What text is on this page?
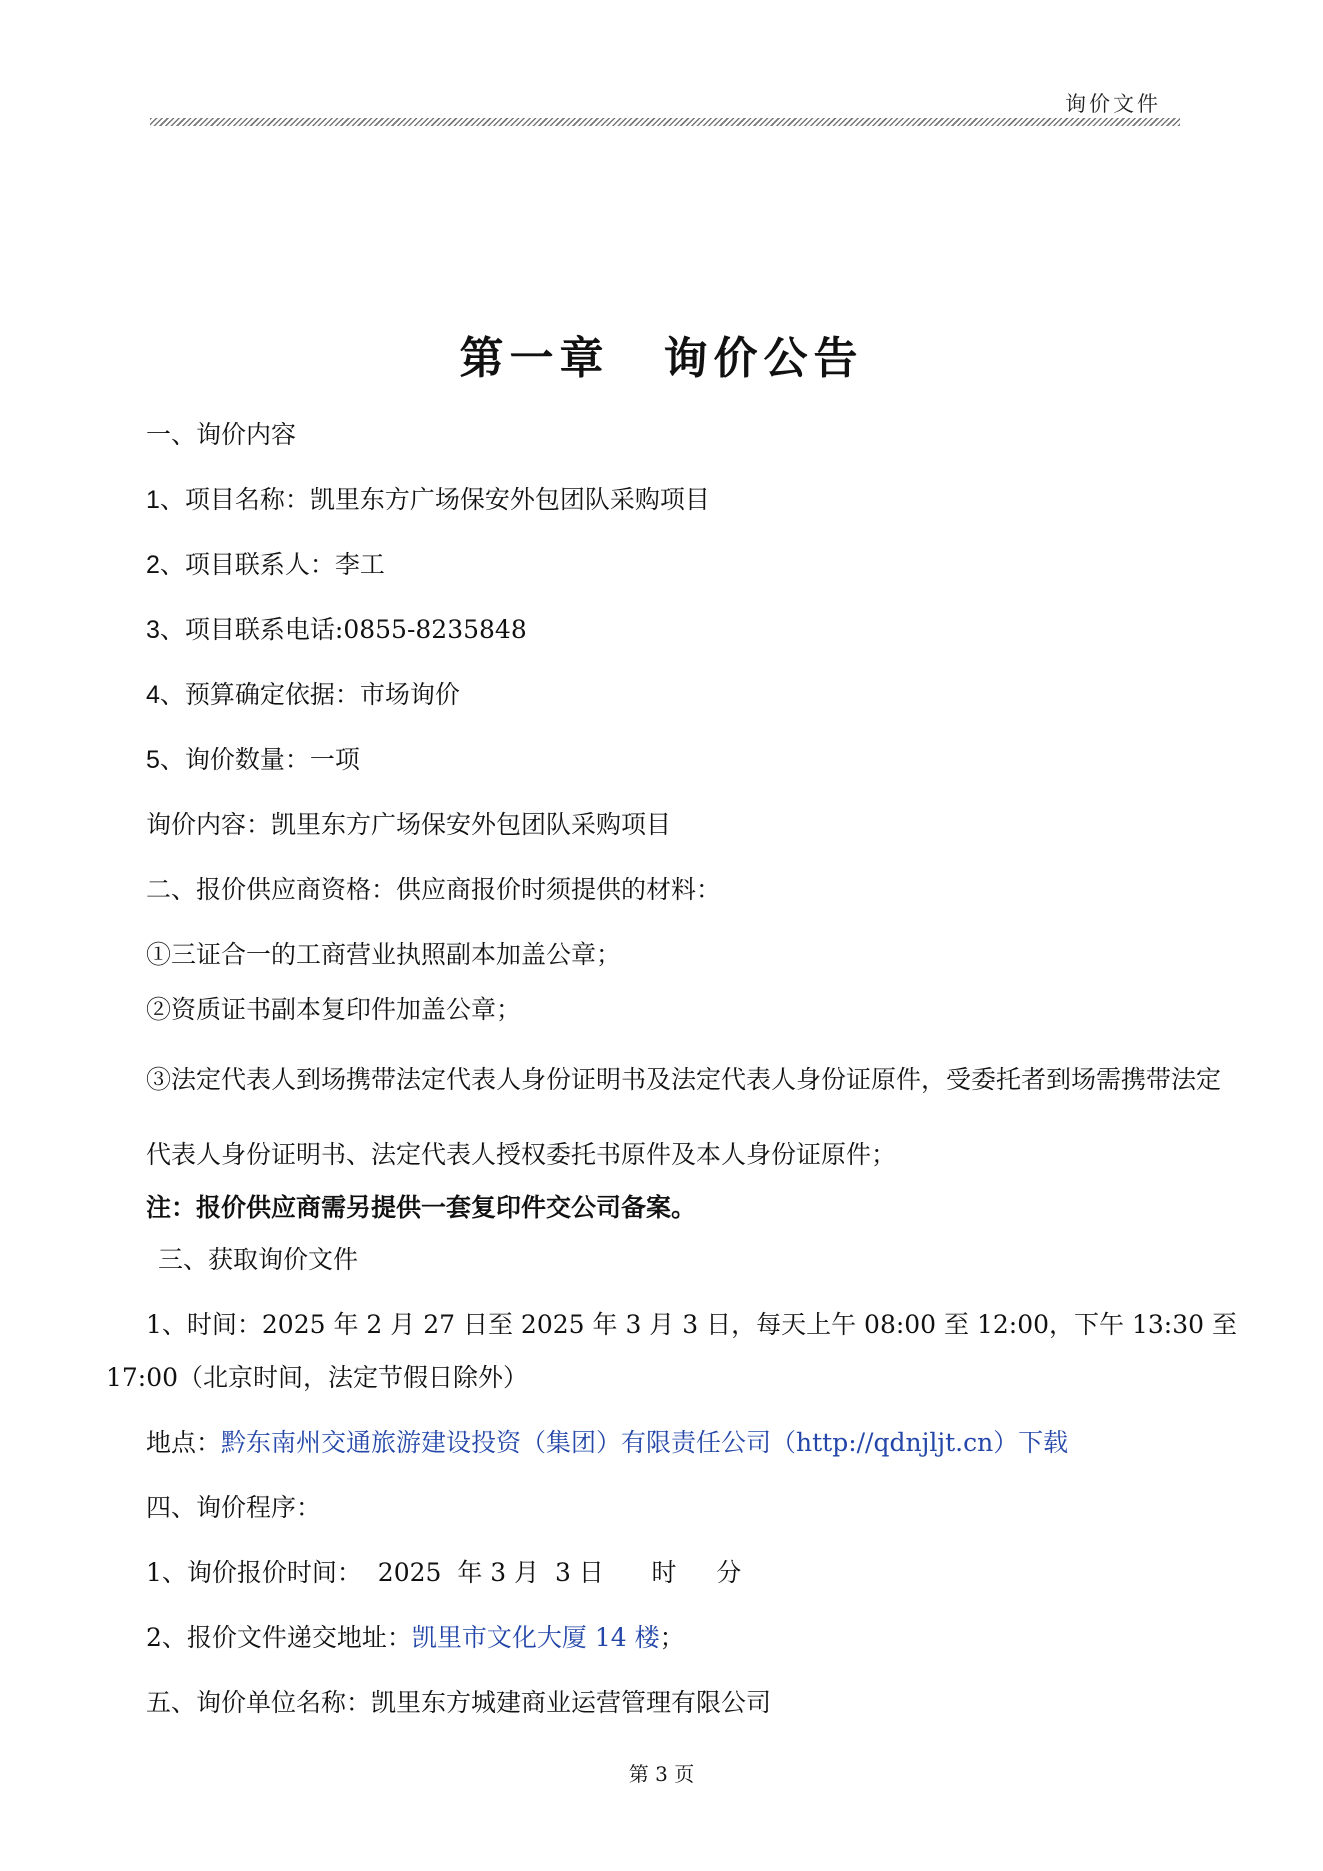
询价文件
第一章 询价公告
一、询价内容
1、项目名称：凯里东方广场保安外包团队采购项目
2、项目联系人：李工
3、项目联系电话:0855-8235848
4、预算确定依据：市场询价
5、询价数量：一项
询价内容：凯里东方广场保安外包团队采购项目
二、报价供应商资格：供应商报价时须提供的材料：
①三证合一的工商营业执照副本加盖公章；
②资质证书副本复印件加盖公章；
③法定代表人到场携带法定代表人身份证明书及法定代表人身份证原件，受委托者到场需携带法定
代表人身份证明书、法定代表人授权委托书原件及本人身份证原件；
注：报价供应商需另提供一套复印件交公司备案。
三、获取询价文件
1、时间：2025 年 2 月 27 日至 2025 年 3 月 3 日，每天上午 08:00 至 12:00，下午 13:30 至
17:00（北京时间，法定节假日除外）
地点：黔东南州交通旅游建设投资（集团）有限责任公司（http://qdnjljt.cn）下载
四、询价程序：
1、询价报价时间：  2025  年 3 月  3 日      时     分
2、报价文件递交地址：凯里市文化大厦 14 楼；
五、询价单位名称：凯里东方城建商业运营管理有限公司
第 3 页
